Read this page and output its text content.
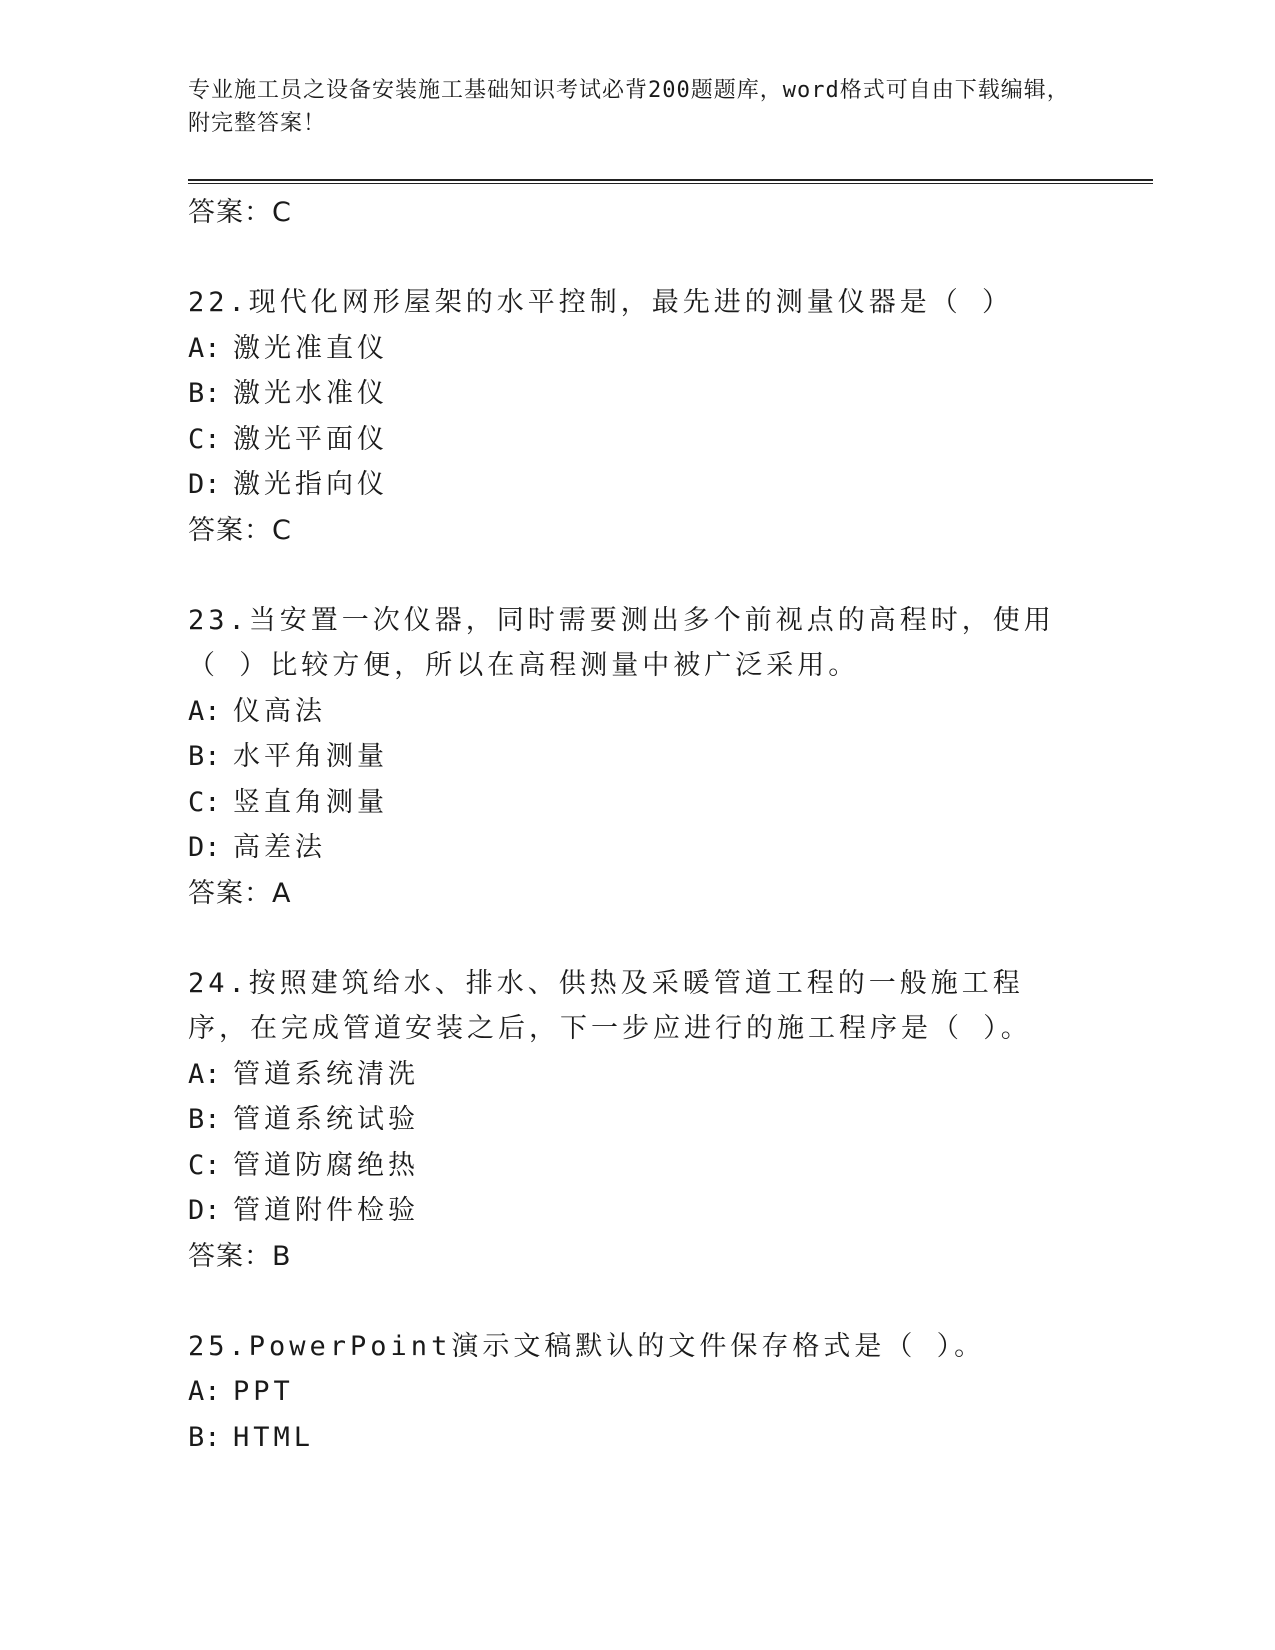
专业施工员之设备安装施工基础知识考试必背200题题库，word格式可自由下载编辑，附完整答案！
答案：C
22.现代化网形屋架的水平控制，最先进的测量仪器是（ ）
A: 激光准直仪
B: 激光水准仪
C: 激光平面仪
D: 激光指向仪
答案：C
23.当安置一次仪器，同时需要测出多个前视点的高程时，使用（ ）比较方便，所以在高程测量中被广泛采用。
A: 仪高法
B: 水平角测量
C: 竖直角测量
D: 高差法
答案：A
24.按照建筑给水、排水、供热及采暖管道工程的一般施工程序，在完成管道安装之后，下一步应进行的施工程序是（ ）。
A: 管道系统清洗
B: 管道系统试验
C: 管道防腐绝热
D: 管道附件检验
答案：B
25.PowerPoint演示文稿默认的文件保存格式是（ ）。
A: PPT
B: HTML
